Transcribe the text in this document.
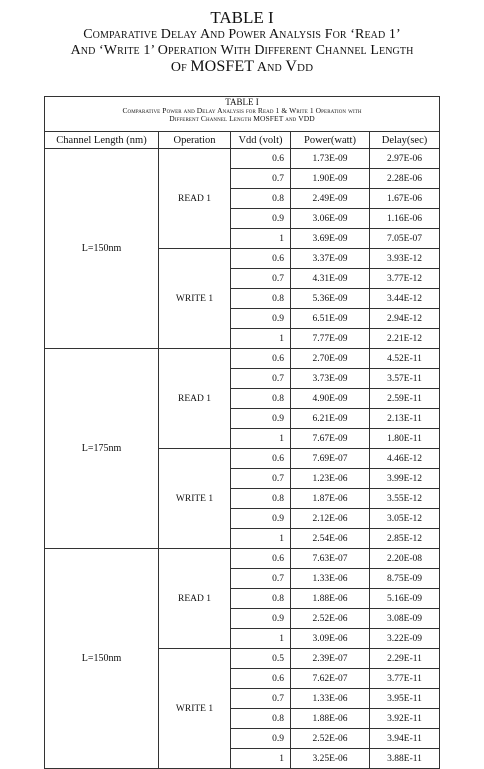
TABLE I
Comparative Delay And Power Analysis For ‘Read 1’
And ‘Write 1’ Operation With Different Channel Length
Of MOSFET And Vdd
TABLE I
Comparative Power and Delay Analysis for Read 1 & Write 1 Operation with
Different Channel Length MOSFET and VDD				

Channel Length (nm)	Operation	Vdd (volt)	Power(watt)	Delay(sec)
L=150nm	READ 1	0.6	1.73E-09	2.97E-06
		0.7	1.90E-09	2.28E-06
		0.8	2.49E-09	1.67E-06
		0.9	3.06E-09	1.16E-06
		1	3.69E-09	7.05E-07
	WRITE 1	0.6	3.37E-09	3.93E-12
		0.7	4.31E-09	3.77E-12
		0.8	5.36E-09	3.44E-12
		0.9	6.51E-09	2.94E-12
		1	7.77E-09	2.21E-12
L=175nm	READ 1	0.6	2.70E-09	4.52E-11
		0.7	3.73E-09	3.57E-11
		0.8	4.90E-09	2.59E-11
		0.9	6.21E-09	2.13E-11
		1	7.67E-09	1.80E-11
	WRITE 1	0.6	7.69E-07	4.46E-12
		0.7	1.23E-06	3.99E-12
		0.8	1.87E-06	3.55E-12
		0.9	2.12E-06	3.05E-12
		1	2.54E-06	2.85E-12
L=150nm	READ 1	0.6	7.63E-07	2.20E-08
		0.7	1.33E-06	8.75E-09
		0.8	1.88E-06	5.16E-09
		0.9	2.52E-06	3.08E-09
		1	3.09E-06	3.22E-09
	WRITE 1	0.5	2.39E-07	2.29E-11
		0.6	7.62E-07	3.77E-11
		0.7	1.33E-06	3.95E-11
		0.8	1.88E-06	3.92E-11
		0.9	2.52E-06	3.94E-11
		1	3.25E-06	3.88E-11
